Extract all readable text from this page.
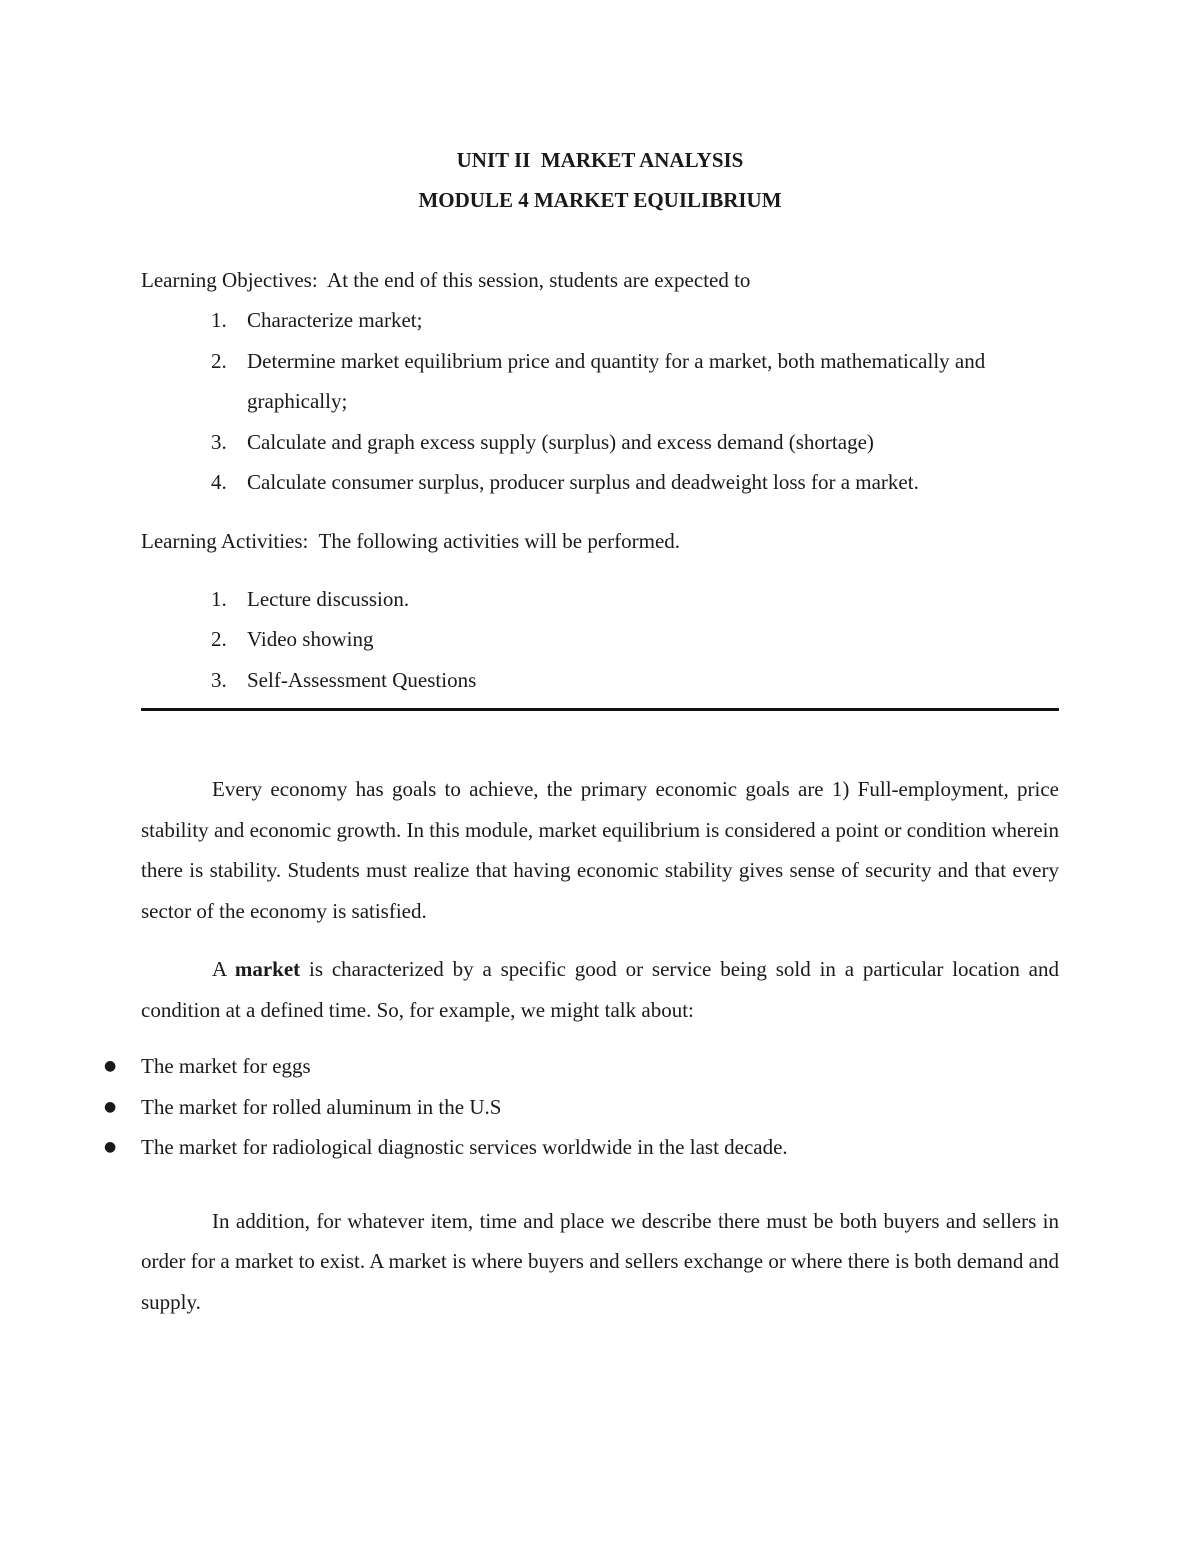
UNIT II  MARKET ANALYSIS

MODULE 4 MARKET EQUILIBRIUM

Learning Objectives:  At the end of this session, students are expected to

1. Characterize market;
2. Determine market equilibrium price and quantity for a market, both mathematically and graphically;
3. Calculate and graph excess supply (surplus) and excess demand (shortage)
4. Calculate consumer surplus, producer surplus and deadweight loss for a market.

Learning Activities:  The following activities will be performed.

1. Lecture discussion.
2. Video showing
3. Self-Assessment Questions

Every economy has goals to achieve, the primary economic goals are 1) Full-employment, price stability and economic growth. In this module, market equilibrium is considered a point or condition wherein there is stability. Students must realize that having economic stability gives sense of security and that every sector of the economy is satisfied.

A market is characterized by a specific good or service being sold in a particular location and condition at a defined time. So, for example, we might talk about:

● The market for eggs
● The market for rolled aluminum in the U.S
● The market for radiological diagnostic services worldwide in the last decade.

In addition, for whatever item, time and place we describe there must be both buyers and sellers in order for a market to exist. A market is where buyers and sellers exchange or where there is both demand and supply.
